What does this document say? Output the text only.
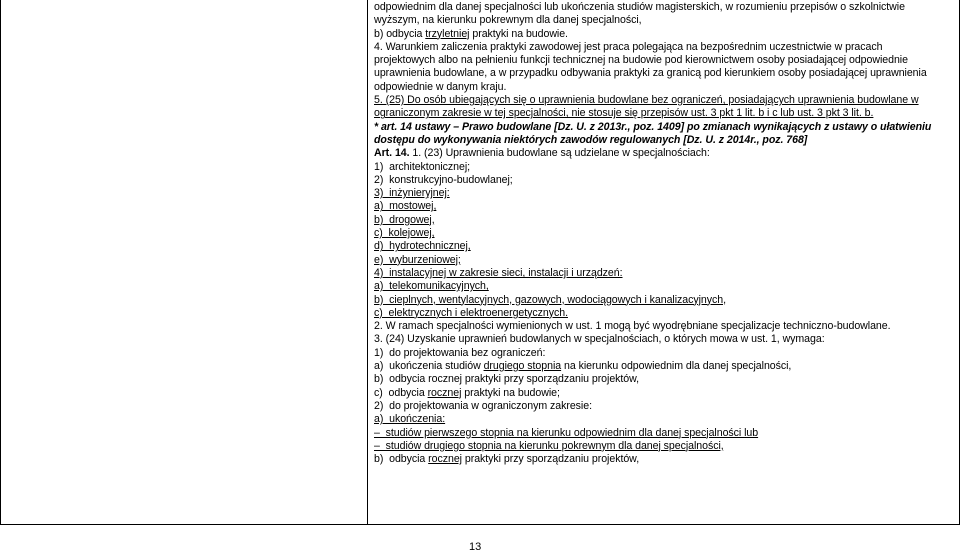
odpowiednim dla danej specjalności lub ukończenia studiów magisterskich, w rozumieniu przepisów o szkolnictwie
wyższym, na kierunku pokrewnym dla danej specjalności,
b) odbycia trzyletniej praktyki na budowie.
4. Warunkiem zaliczenia praktyki zawodowej jest praca polegająca na bezpośrednim uczestnictwie w pracach
projektowych albo na pełnieniu funkcji technicznej na budowie pod kierownictwem osoby posiadającej odpowiednie
uprawnienia budowlane, a w przypadku odbywania praktyki za granicą pod kierunkiem osoby posiadającej uprawnienia
odpowiednie w danym kraju.
5. (25) Do osób ubiegających się o uprawnienia budowlane bez ograniczeń, posiadających uprawnienia budowlane w
ograniczonym zakresie w tej specjalności, nie stosuje się przepisów ust. 3 pkt 1 lit. b i c lub ust. 3 pkt 3 lit. b.
* art. 14 ustawy – Prawo budowlane [Dz. U. z 2013r., poz. 1409] po zmianach wynikających z ustawy o ułatwieniu
dostępu do wykonywania niektórych zawodów regulowanych [Dz. U. z 2014r., poz. 768]
Art. 14. 1. (23) Uprawnienia budowlane są udzielane w specjalnościach:
1)  architektonicznej;
2)  konstrukcyjno-budowlanej;
3)  inżynieryjnej:
a)  mostowej,
b)  drogowej,
c)  kolejowej,
d)  hydrotechnicznej,
e)  wyburzeniowej;
4)  instalacyjnej w zakresie sieci, instalacji i urządzeń:
a)  telekomunikacyjnych,
b)  cieplnych, wentylacyjnych, gazowych, wodociągowych i kanalizacyjnych,
c)  elektrycznych i elektroenergetycznych.
2. W ramach specjalności wymienionych w ust. 1 mogą być wyodrębniane specjalizacje techniczno-budowlane.
3. (24) Uzyskanie uprawnień budowlanych w specjalnościach, o których mowa w ust. 1, wymaga:
1)  do projektowania bez ograniczeń:
a)  ukończenia studiów drugiego stopnia na kierunku odpowiednim dla danej specjalności,
b)  odbycia rocznej praktyki przy sporządzaniu projektów,
c)  odbycia rocznej praktyki na budowie;
2)  do projektowania w ograniczonym zakresie:
a)  ukończenia:
–  studiów pierwszego stopnia na kierunku odpowiednim dla danej specjalności lub
–  studiów drugiego stopnia na kierunku pokrewnym dla danej specjalności,
b)  odbycia rocznej praktyki przy sporządzaniu projektów,
13
